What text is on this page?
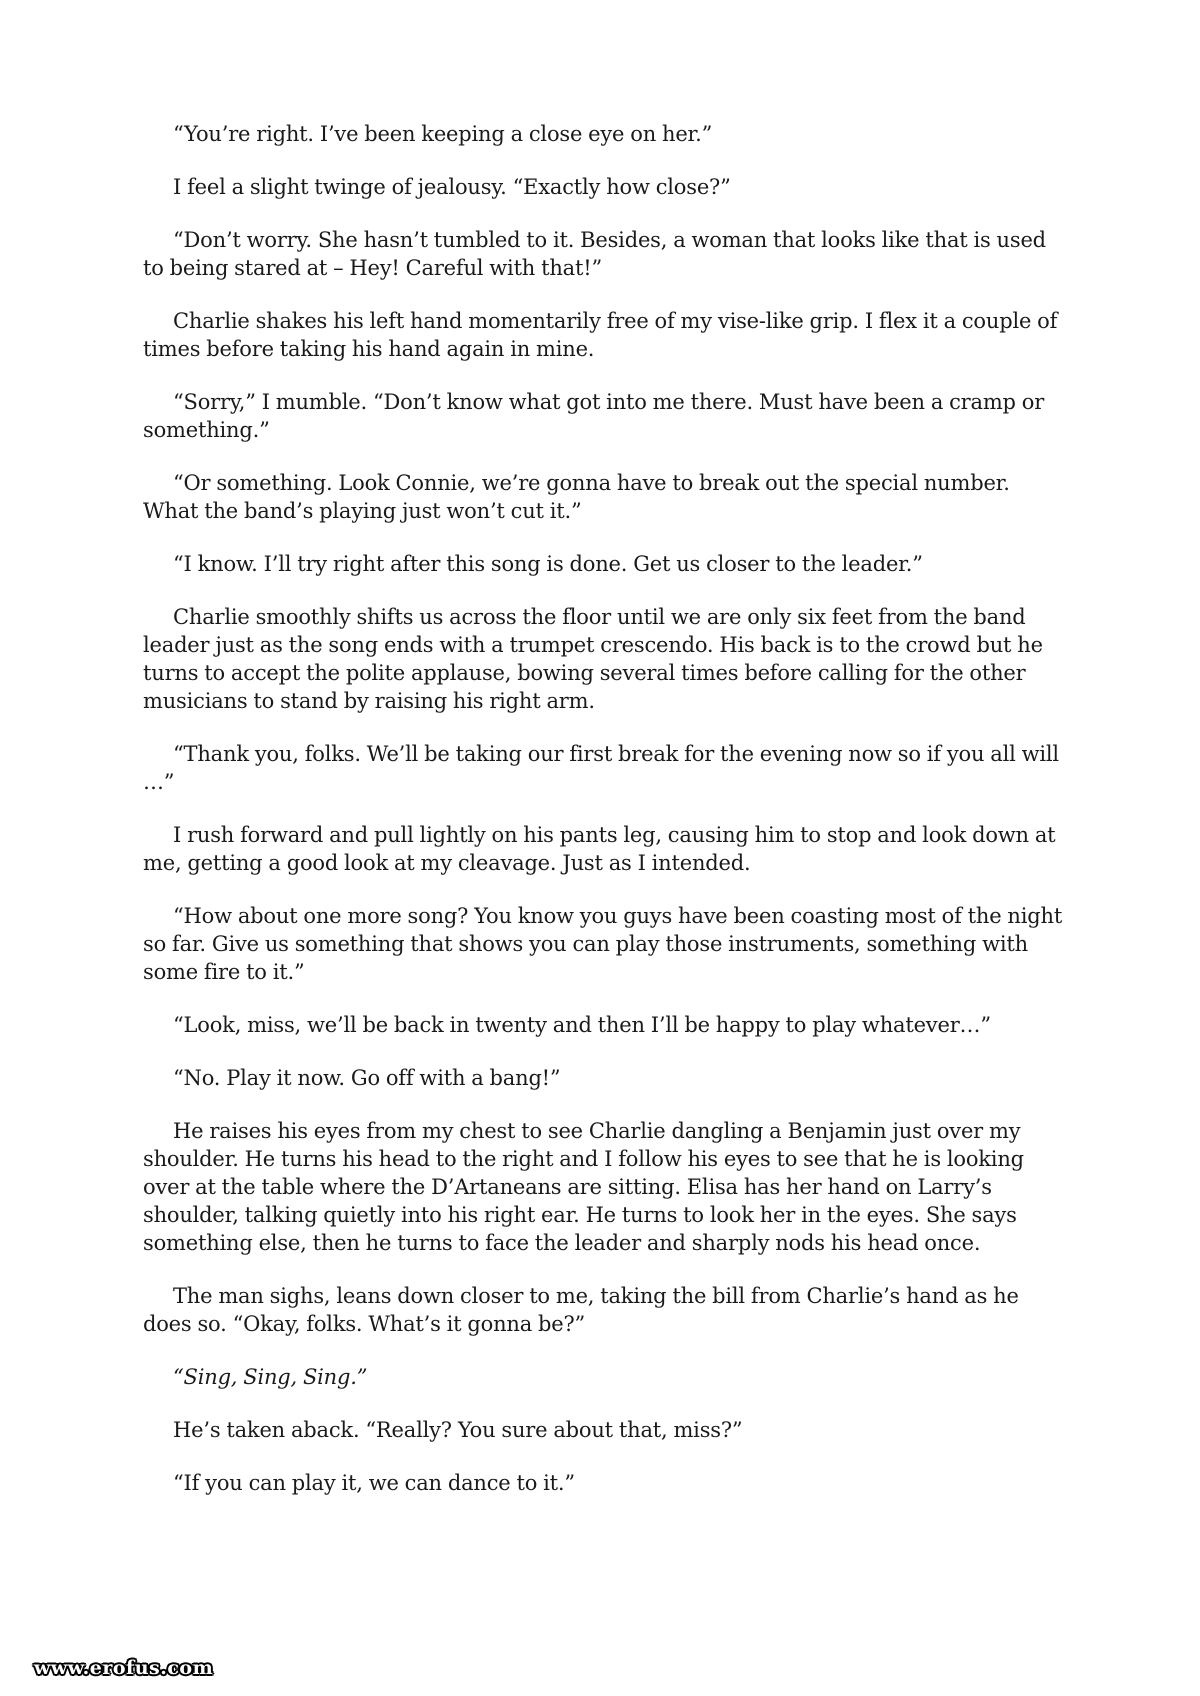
“You’re right. I’ve been keeping a close eye on her.”

I feel a slight twinge of jealousy. “Exactly how close?”

“Don’t worry. She hasn’t tumbled to it. Besides, a woman that looks like that is used to being stared at – Hey! Careful with that!”

Charlie shakes his left hand momentarily free of my vise-like grip. I flex it a couple of times before taking his hand again in mine.

“Sorry,” I mumble. “Don’t know what got into me there. Must have been a cramp or something.”

“Or something. Look Connie, we’re gonna have to break out the special number. What the band’s playing just won’t cut it.”

“I know. I’ll try right after this song is done. Get us closer to the leader.”

Charlie smoothly shifts us across the floor until we are only six feet from the band leader just as the song ends with a trumpet crescendo. His back is to the crowd but he turns to accept the polite applause, bowing several times before calling for the other musicians to stand by raising his right arm.

“Thank you, folks. We’ll be taking our first break for the evening now so if you all will …”

I rush forward and pull lightly on his pants leg, causing him to stop and look down at me, getting a good look at my cleavage. Just as I intended.

“How about one more song? You know you guys have been coasting most of the night so far. Give us something that shows you can play those instruments, something with some fire to it.”

“Look, miss, we’ll be back in twenty and then I’ll be happy to play whatever…”

“No. Play it now. Go off with a bang!”

He raises his eyes from my chest to see Charlie dangling a Benjamin just over my shoulder. He turns his head to the right and I follow his eyes to see that he is looking over at the table where the D’Artaneans are sitting. Elisa has her hand on Larry’s shoulder, talking quietly into his right ear. He turns to look her in the eyes. She says something else, then he turns to face the leader and sharply nods his head once.

The man sighs, leans down closer to me, taking the bill from Charlie’s hand as he does so. “Okay, folks. What’s it gonna be?”

“Sing, Sing, Sing.”

He’s taken aback. “Really? You sure about that, miss?”

“If you can play it, we can dance to it.”

www.erofus.com
